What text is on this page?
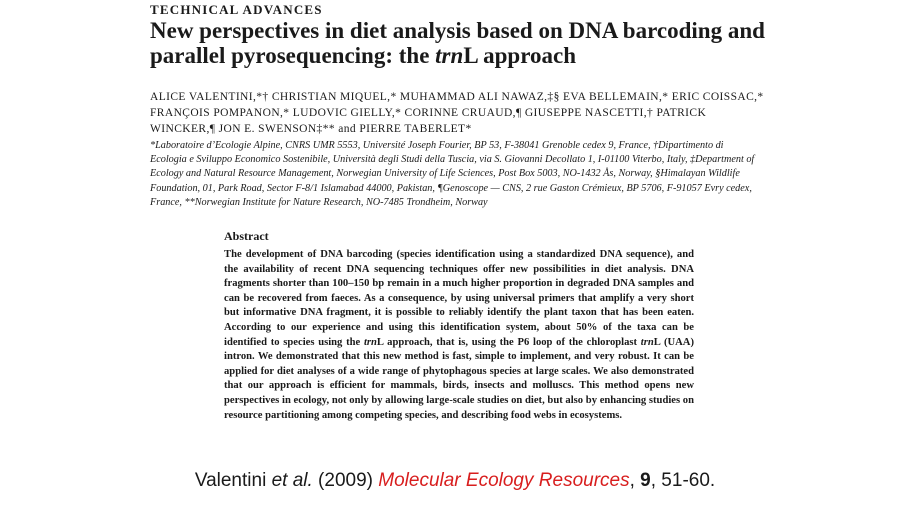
TECHNICAL ADVANCES
New perspectives in diet analysis based on DNA barcoding and parallel pyrosequencing: the trnL approach
ALICE VALENTINI,*† CHRISTIAN MIQUEL,* MUHAMMAD ALI NAWAZ,‡§ EVA BELLEMAIN,* ERIC COISSAC,* FRANÇOIS POMPANON,* LUDOVIC GIELLY,* CORINNE CRUAUD,¶ GIUSEPPE NASCETTI,† PATRICK WINCKER,¶ JON E. SWENSON‡** and PIERRE TABERLET*
*Laboratoire d’Ecologie Alpine, CNRS UMR 5553, Université Joseph Fourier, BP 53, F-38041 Grenoble cedex 9, France, †Dipartimento di Ecologia e Sviluppo Economico Sostenibile, Università degli Studi della Tuscia, via S. Giovanni Decollato 1, I-01100 Viterbo, Italy, ‡Department of Ecology and Natural Resource Management, Norwegian University of Life Sciences, Post Box 5003, NO-1432 Ås, Norway, §Himalayan Wildlife Foundation, 01, Park Road, Sector F-8/1 Islamabad 44000, Pakistan, ¶Genoscope — CNS, 2 rue Gaston Crémieux, BP 5706, F-91057 Evry cedex, France, **Norwegian Institute for Nature Research, NO-7485 Trondheim, Norway
Abstract
The development of DNA barcoding (species identification using a standardized DNA sequence), and the availability of recent DNA sequencing techniques offer new possibilities in diet analysis. DNA fragments shorter than 100–150 bp remain in a much higher proportion in degraded DNA samples and can be recovered from faeces. As a consequence, by using universal primers that amplify a very short but informative DNA fragment, it is possible to reliably identify the plant taxon that has been eaten. According to our experience and using this identification system, about 50% of the taxa can be identified to species using the trnL approach, that is, using the P6 loop of the chloroplast trnL (UAA) intron. We demonstrated that this new method is fast, simple to implement, and very robust. It can be applied for diet analyses of a wide range of phytophagous species at large scales. We also demonstrated that our approach is efficient for mammals, birds, insects and molluscs. This method opens new perspectives in ecology, not only by allowing large-scale studies on diet, but also by enhancing studies on resource partitioning among competing species, and describing food webs in ecosystems.
Valentini et al. (2009) Molecular Ecology Resources, 9, 51-60.
